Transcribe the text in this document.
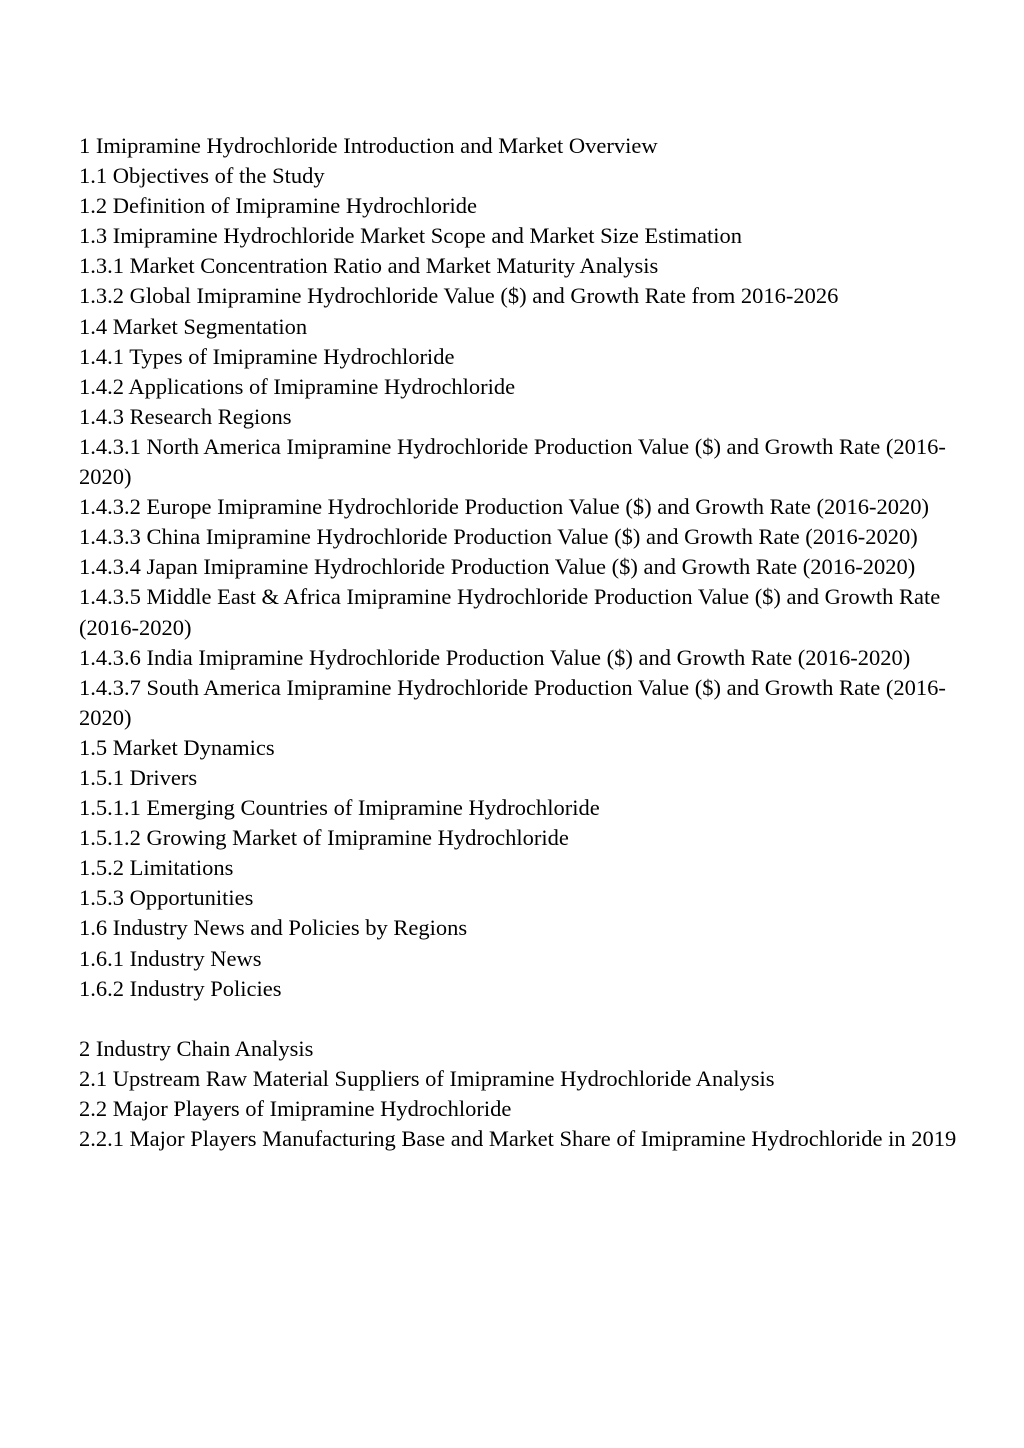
1 Imipramine Hydrochloride Introduction and Market Overview
1.1 Objectives of the Study
1.2 Definition of Imipramine Hydrochloride
1.3 Imipramine Hydrochloride Market Scope and Market Size Estimation
1.3.1 Market Concentration Ratio and Market Maturity Analysis
1.3.2 Global Imipramine Hydrochloride Value ($) and Growth Rate from 2016-2026
1.4 Market Segmentation
1.4.1 Types of Imipramine Hydrochloride
1.4.2 Applications of Imipramine Hydrochloride
1.4.3 Research Regions
1.4.3.1 North America Imipramine Hydrochloride Production Value ($) and Growth Rate (2016-2020)
1.4.3.2 Europe Imipramine Hydrochloride Production Value ($) and Growth Rate (2016-2020)
1.4.3.3 China Imipramine Hydrochloride Production Value ($) and Growth Rate (2016-2020)
1.4.3.4 Japan Imipramine Hydrochloride Production Value ($) and Growth Rate (2016-2020)
1.4.3.5 Middle East & Africa Imipramine Hydrochloride Production Value ($) and Growth Rate (2016-2020)
1.4.3.6 India Imipramine Hydrochloride Production Value ($) and Growth Rate (2016-2020)
1.4.3.7 South America Imipramine Hydrochloride Production Value ($) and Growth Rate (2016-2020)
1.5 Market Dynamics
1.5.1 Drivers
1.5.1.1 Emerging Countries of Imipramine Hydrochloride
1.5.1.2 Growing Market of Imipramine Hydrochloride
1.5.2 Limitations
1.5.3 Opportunities
1.6 Industry News and Policies by Regions
1.6.1 Industry News
1.6.2 Industry Policies
2 Industry Chain Analysis
2.1 Upstream Raw Material Suppliers of Imipramine Hydrochloride Analysis
2.2 Major Players of Imipramine Hydrochloride
2.2.1 Major Players Manufacturing Base and Market Share of Imipramine Hydrochloride in 2019
